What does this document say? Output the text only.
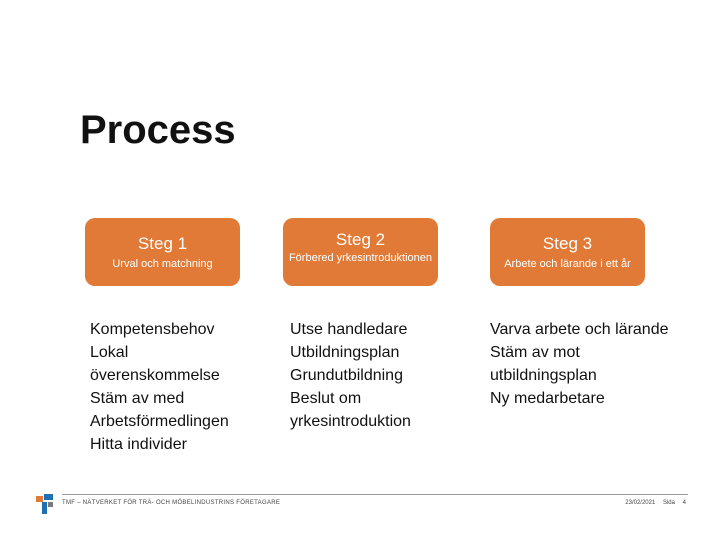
Process
Steg 1
Urval och matchning
Steg 2
Förbered yrkesintroduktionen
Steg 3
Arbete och lärande i ett år
Kompetensbehov
Lokal
överenskommelse
Stäm av med
Arbetsförmedlingen
Hitta individer
Utse handledare
Utbildningsplan
Grundutbildning
Beslut om
yrkesintroduktion
Varva arbete och lärande
Stäm av mot
utbildningsplan
Ny medarbetare
TMF – NÄTVERKET FÖR TRÄ- OCH MÖBELINDUSTRINS FÖRETAGARE	23/02/2021 Sida 4
